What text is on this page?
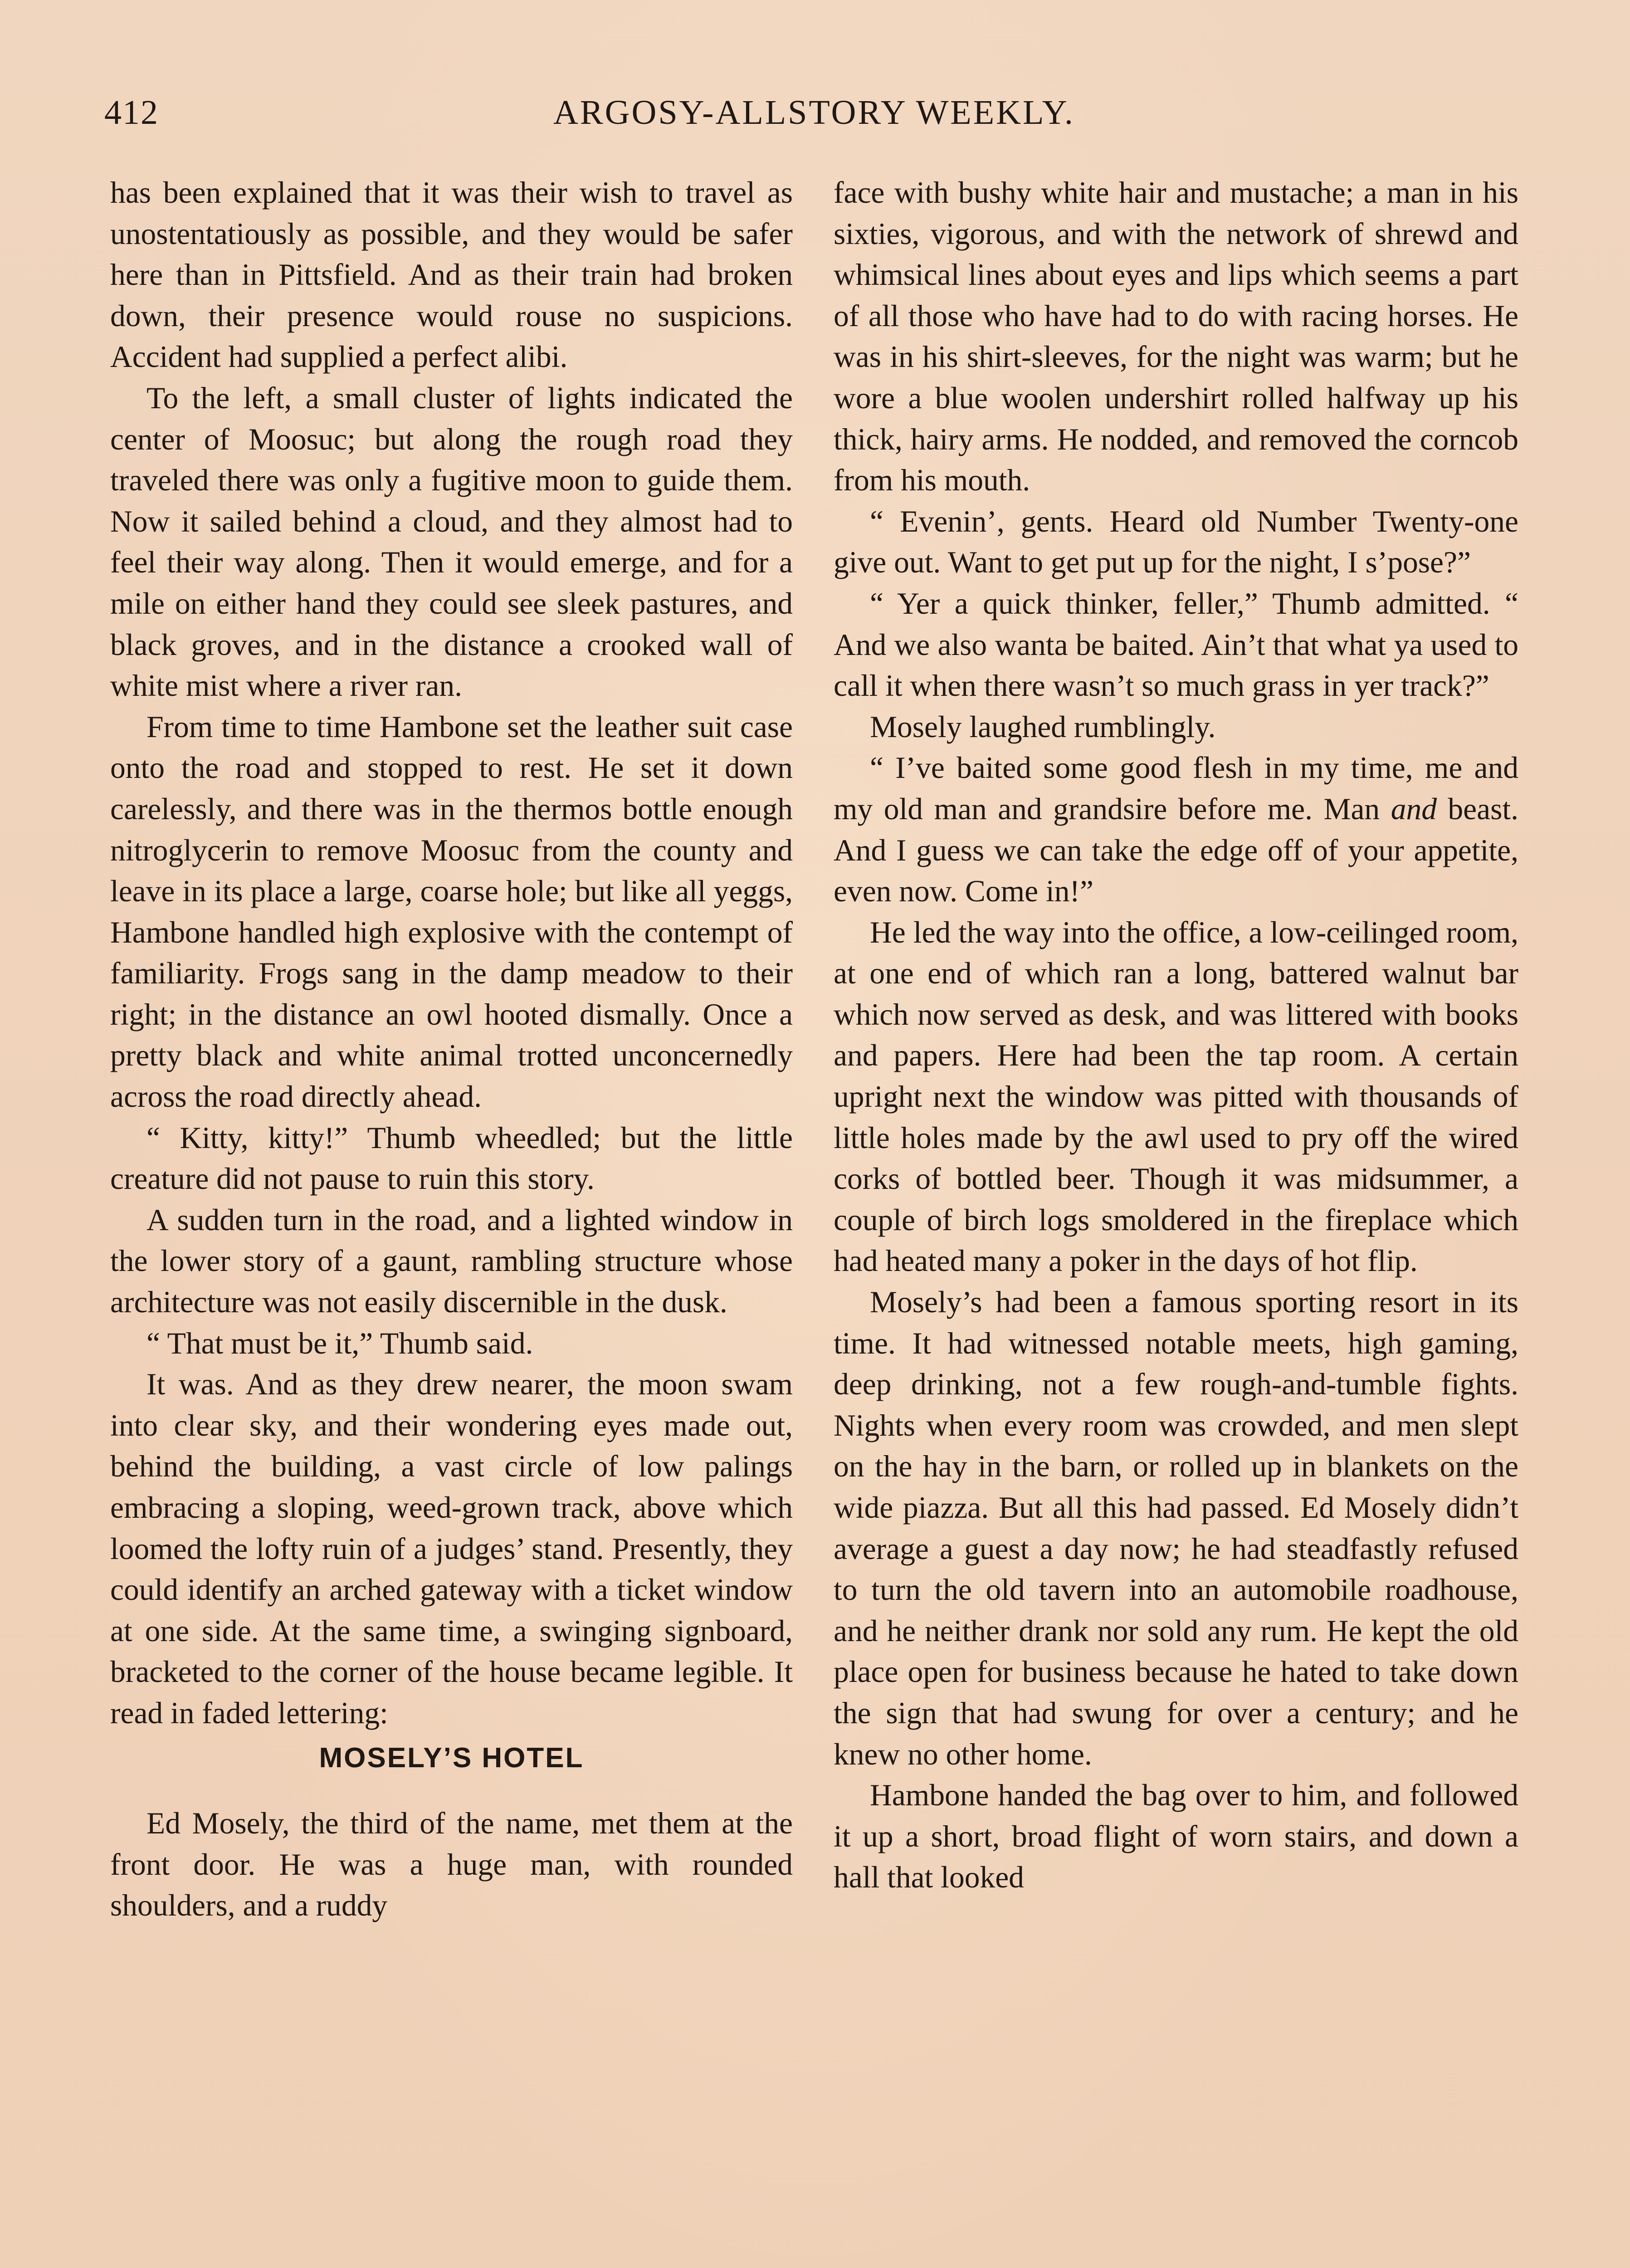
412	ARGOSY-ALLSTORY WEEKLY.

has been explained that it was their wish to travel as unostentatiously as possible, and they would be safer here than in Pittsfield. And as their train had broken down, their presence would rouse no suspicions. Accident had supplied a perfect alibi.

To the left, a small cluster of lights indicated the center of Moosuc; but along the rough road they traveled there was only a fugitive moon to guide them. Now it sailed behind a cloud, and they almost had to feel their way along. Then it would emerge, and for a mile on either hand they could see sleek pastures, and black groves, and in the distance a crooked wall of white mist where a river ran.

From time to time Hambone set the leather suit case onto the road and stopped to rest. He set it down carelessly, and there was in the thermos bottle enough nitroglycerin to remove Moosuc from the county and leave in its place a large, coarse hole; but like all yeggs, Hambone handled high explosive with the contempt of familiarity. Frogs sang in the damp meadow to their right; in the distance an owl hooted dismally. Once a pretty black and white animal trotted unconcernedly across the road directly ahead.

“ Kitty, kitty!” Thumb wheedled; but the little creature did not pause to ruin this story.

A sudden turn in the road, and a lighted window in the lower story of a gaunt, rambling structure whose architecture was not easily discernible in the dusk.

“ That must be it,” Thumb said.

It was. And as they drew nearer, the moon swam into clear sky, and their wondering eyes made out, behind the building, a vast circle of low palings embracing a sloping, weed-grown track, above which loomed the lofty ruin of a judges’ stand. Presently, they could identify an arched gateway with a ticket window at one side. At the same time, a swinging signboard, bracketed to the corner of the house became legible. It read in faded lettering:

MOSELY’S HOTEL

Ed Mosely, the third of the name, met them at the front door. He was a huge man, with rounded shoulders, and a ruddy

face with bushy white hair and mustache; a man in his sixties, vigorous, and with the network of shrewd and whimsical lines about eyes and lips which seems a part of all those who have had to do with racing horses. He was in his shirt-sleeves, for the night was warm; but he wore a blue woolen undershirt rolled halfway up his thick, hairy arms. He nodded, and removed the corncob from his mouth.

“ Evenin’, gents. Heard old Number Twenty-one give out. Want to get put up for the night, I s’pose?”

“ Yer a quick thinker, feller,” Thumb admitted. “ And we also wanta be baited. Ain’t that what ya used to call it when there wasn’t so much grass in yer track?”

Mosely laughed rumblingly.

“ I’ve baited some good flesh in my time, me and my old man and grandsire before me. Man and beast. And I guess we can take the edge off of your appetite, even now. Come in!”

He led the way into the office, a low-ceilinged room, at one end of which ran a long, battered walnut bar which now served as desk, and was littered with books and papers. Here had been the tap room. A certain upright next the window was pitted with thousands of little holes made by the awl used to pry off the wired corks of bottled beer. Though it was midsummer, a couple of birch logs smoldered in the fireplace which had heated many a poker in the days of hot flip.

Mosely’s had been a famous sporting resort in its time. It had witnessed notable meets, high gaming, deep drinking, not a few rough-and-tumble fights. Nights when every room was crowded, and men slept on the hay in the barn, or rolled up in blankets on the wide piazza. But all this had passed. Ed Mosely didn’t average a guest a day now; he had steadfastly refused to turn the old tavern into an automobile roadhouse, and he neither drank nor sold any rum. He kept the old place open for business because he hated to take down the sign that had swung for over a century; and he knew no other home.

Hambone handed the bag over to him, and followed it up a short, broad flight of worn stairs, and down a hall that looked
